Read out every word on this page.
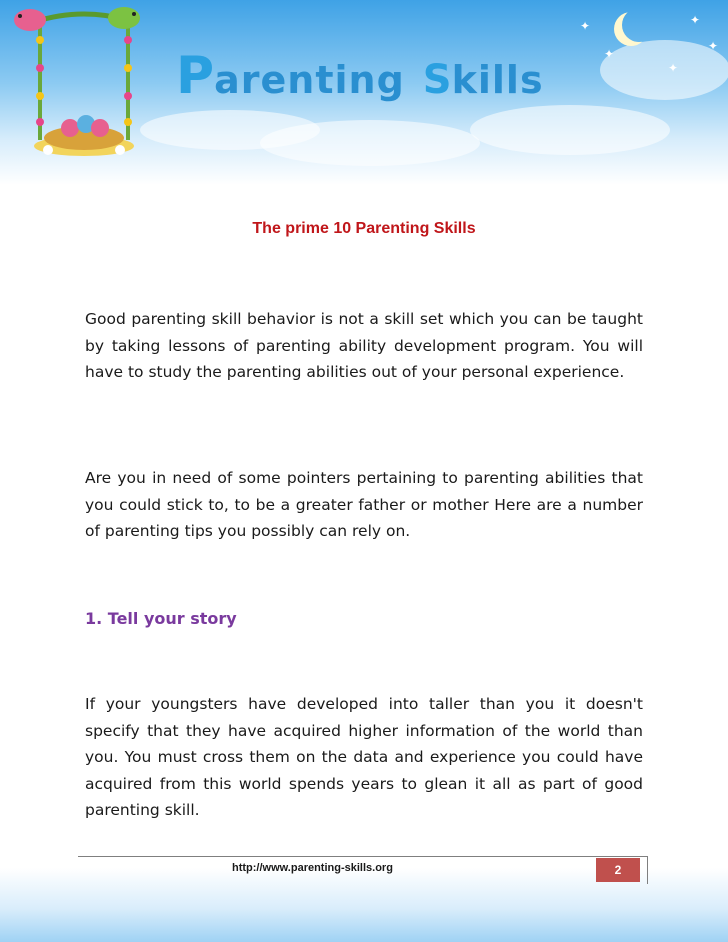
✦
✦
✦
✦
✦
P arent i ng S kills
The prime 10 Parenting Skills

Good parenting skill behavior is not a skill set which you can be taught by taking lessons of parenting ability development program. You will have to study the parenting abilities out of your personal experience.

Are you in need of some pointers pertaining to parenting abilities that you could stick to, to be a greater father or mother Here are a number of parenting tips you possibly can rely on.

1. Tell your story

If your youngsters have developed into taller than you it doesn't specify that they have acquired higher information of the world than you. You must cross them on the data and experience you could have acquired from this world spends years to glean it all as part of good parenting skill.

http://www.parenting-skills.org	2
